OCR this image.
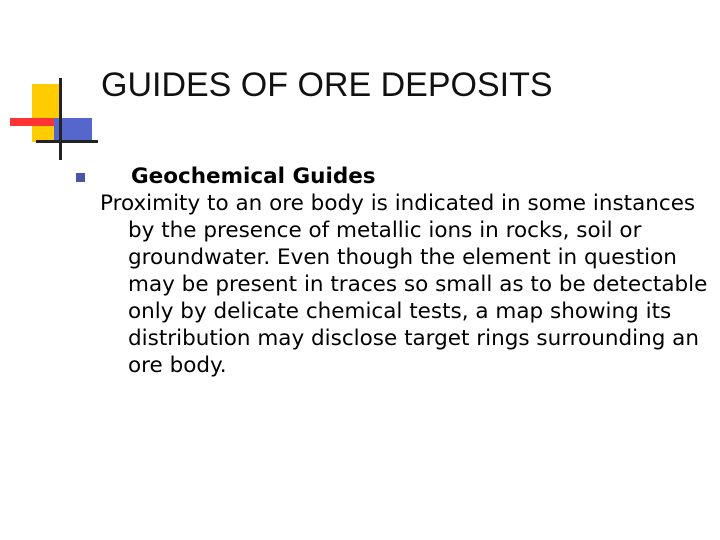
GUIDES OF ORE DEPOSITS
Geochemical Guides

Proximity to an ore body is indicated in some instances by the presence of metallic ions in rocks, soil or groundwater. Even though the element in question may be present in traces so small as to be detectable only by delicate chemical tests, a map showing its distribution may disclose target rings surrounding an ore body.
